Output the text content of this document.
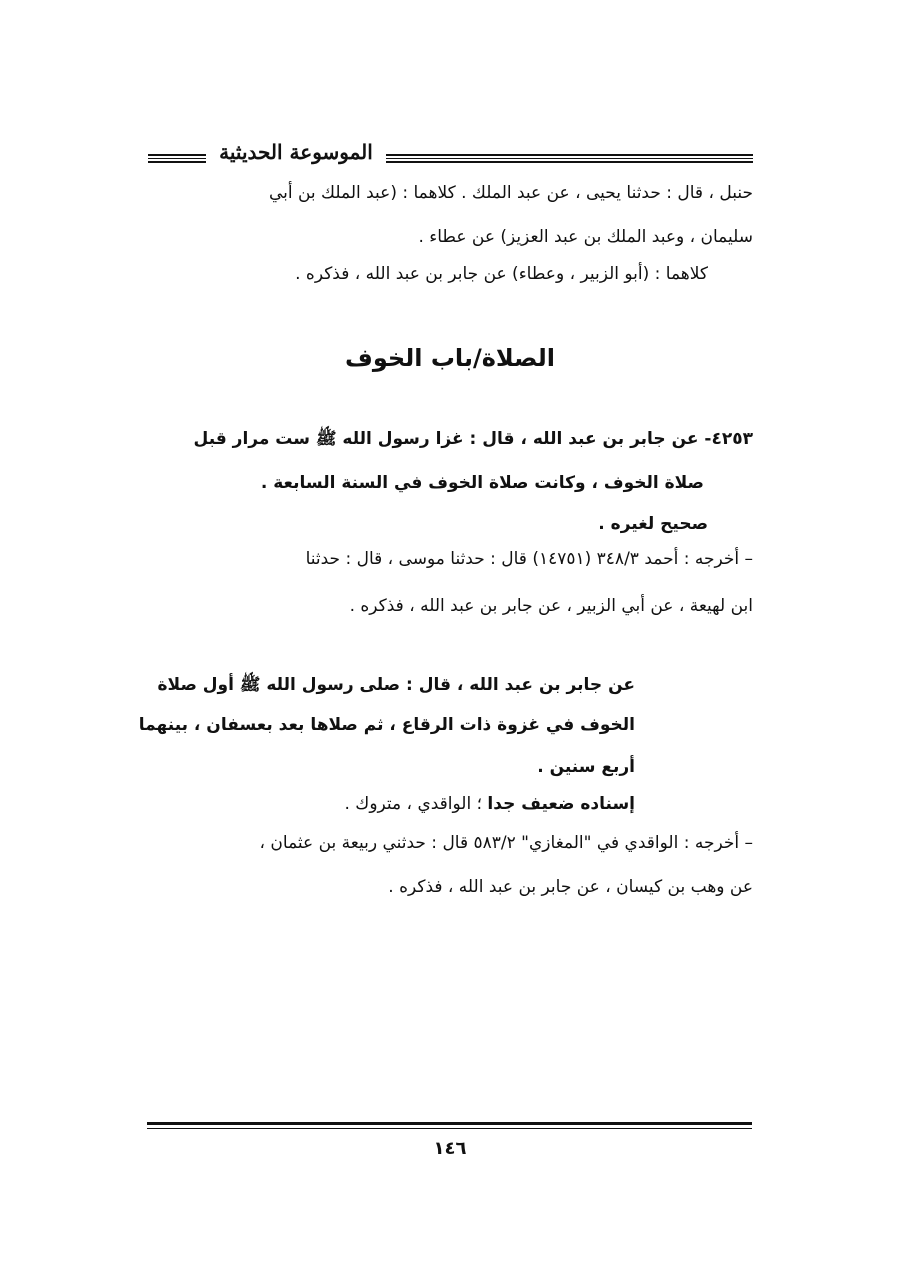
الموسوعة الحديثية
حنبل ، قال : حدثنا يحيى ، عن عبد الملك . كلاهما : (عبد الملك بن أبي
سليمان ، وعبد الملك بن عبد العزيز) عن عطاء .
كلاهما : (أبو الزبير ، وعطاء) عن جابر بن عبد الله ، فذكره .
الصلاة/باب الخوف
٤٢٥٣- عن جابر بن عبد الله ، قال : غزا رسول الله ﷺ ست مرار قبل
صلاة الخوف ، وكانت صلاة الخوف في السنة السابعة .
صحيح لغيره .
– أخرجه : أحمد ٣٤٨/٣ (١٤٧٥١) قال : حدثنا موسى ، قال : حدثنا
ابن لهيعة ، عن أبي الزبير ، عن جابر بن عبد الله ، فذكره .
عن جابر بن عبد الله ، قال : صلى رسول الله ﷺ أول صلاة
الخوف في غزوة ذات الرقاع ، ثم صلاها بعد بعسفان ، بينهما
أربع سنين .
إسناده ضعيف جدا ؛ الواقدي ، متروك .
– أخرجه : الواقدي في "المغازي" ٥٨٣/٢ قال : حدثني ربيعة بن عثمان ،
عن وهب بن كيسان ، عن جابر بن عبد الله ، فذكره .
١٤٦
